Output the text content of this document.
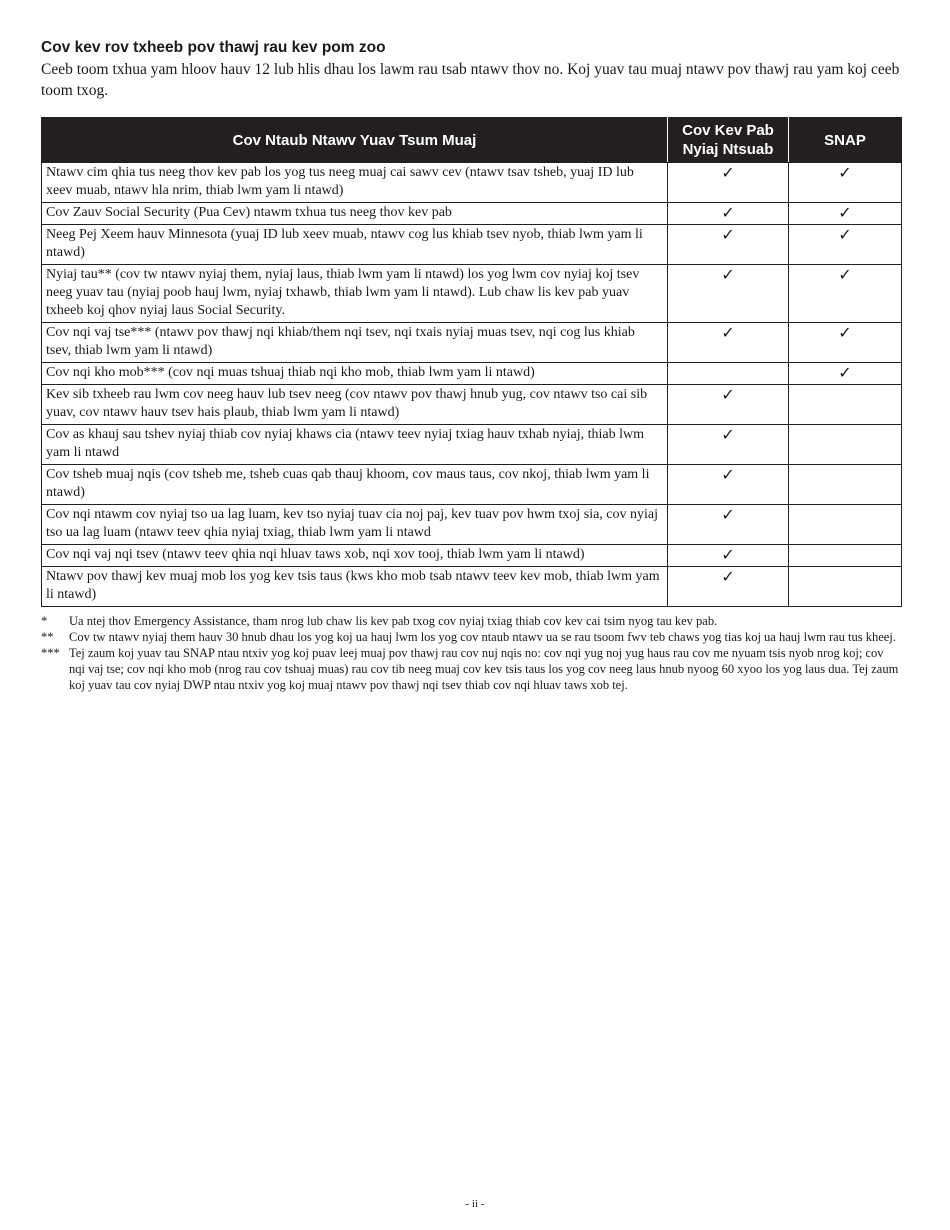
Cov kev rov txheeb pov thawj rau kev pom zoo

Ceeb toom txhua yam hloov hauv 12 lub hlis dhau los lawm rau tsab ntawv thov no. Koj yuav tau muaj ntawv pov thawj rau yam koj ceeb toom txog.

Cov Ntaub Ntawv Yuav Tsum Muaj	Cov Kev Pab Nyiaj Ntsuab	SNAP
Ntawv cim qhia tus neeg thov kev pab los yog tus neeg muaj cai sawv cev (ntawv tsav tsheb, yuaj ID lub xeev muab, ntawv hla nrim, thiab lwm yam li ntawd)	✓	✓
Cov Zauv Social Security (Pua Cev) ntawm txhua tus neeg thov kev pab	✓	✓
Neeg Pej Xeem hauv Minnesota (yuaj ID lub xeev muab, ntawv cog lus khiab tsev nyob, thiab lwm yam li ntawd)	✓	✓
Nyiaj tau** (cov tw ntawv nyiaj them, nyiaj laus, thiab lwm yam li ntawd) los yog lwm cov nyiaj koj tsev neeg yuav tau (nyiaj poob hauj lwm, nyiaj txhawb, thiab lwm yam li ntawd). Lub chaw lis kev pab yuav txheeb koj qhov nyiaj laus Social Security.	✓	✓
Cov nqi vaj tse*** (ntawv pov thawj nqi khiab/them nqi tsev, nqi txais nyiaj muas tsev, nqi cog lus khiab tsev, thiab lwm yam li ntawd)	✓	✓
Cov nqi kho mob*** (cov nqi muas tshuaj thiab nqi kho mob, thiab lwm yam li ntawd)		✓
Kev sib txheeb rau lwm cov neeg hauv lub tsev neeg (cov ntawv pov thawj hnub yug, cov ntawv tso cai sib yuav, cov ntawv hauv tsev hais plaub, thiab lwm yam li ntawd)	✓	
Cov as khauj sau tshev nyiaj thiab cov nyiaj khaws cia (ntawv teev nyiaj txiag hauv txhab nyiaj, thiab lwm yam li ntawd	✓	
Cov tsheb muaj nqis (cov tsheb me, tsheb cuas qab thauj khoom, cov maus taus, cov nkoj, thiab lwm yam li ntawd)	✓	
Cov nqi ntawm cov nyiaj tso ua lag luam, kev tso nyiaj tuav cia noj paj, kev tuav pov hwm txoj sia, cov nyiaj tso ua lag luam (ntawv teev qhia nyiaj txiag, thiab lwm yam li ntawd	✓	
Cov nqi vaj nqi tsev (ntawv teev qhia nqi hluav taws xob, nqi xov tooj, thiab lwm yam li ntawd)	✓	
Ntawv pov thawj kev muaj mob los yog kev tsis taus (kws kho mob tsab ntawv teev kev mob, thiab lwm yam li ntawd)	✓	
*	Ua ntej thov Emergency Assistance, tham nrog lub chaw lis kev pab txog cov nyiaj txiag thiab cov kev cai tsim nyog tau kev pab.
**	Cov tw ntawv nyiaj them hauv 30 hnub dhau los yog koj ua hauj lwm los yog cov ntaub ntawv ua se rau tsoom fwv teb chaws yog tias koj ua hauj lwm rau tus kheej.
*** Tej zaum koj yuav tau SNAP ntau ntxiv yog koj puav leej muaj pov thawj rau cov nuj nqis no: cov nqi yug noj yug haus rau cov me nyuam tsis nyob nrog koj; cov nqi vaj tse; cov nqi kho mob (nrog rau cov tshuaj muas) rau cov tib neeg muaj cov kev tsis taus los yog cov neeg laus hnub nyoog 60 xyoo los yog laus dua. Tej zaum koj yuav tau cov nyiaj DWP ntau ntxiv yog koj muaj ntawv pov thawj nqi tsev thiab cov nqi hluav taws xob tej.
- ii -
